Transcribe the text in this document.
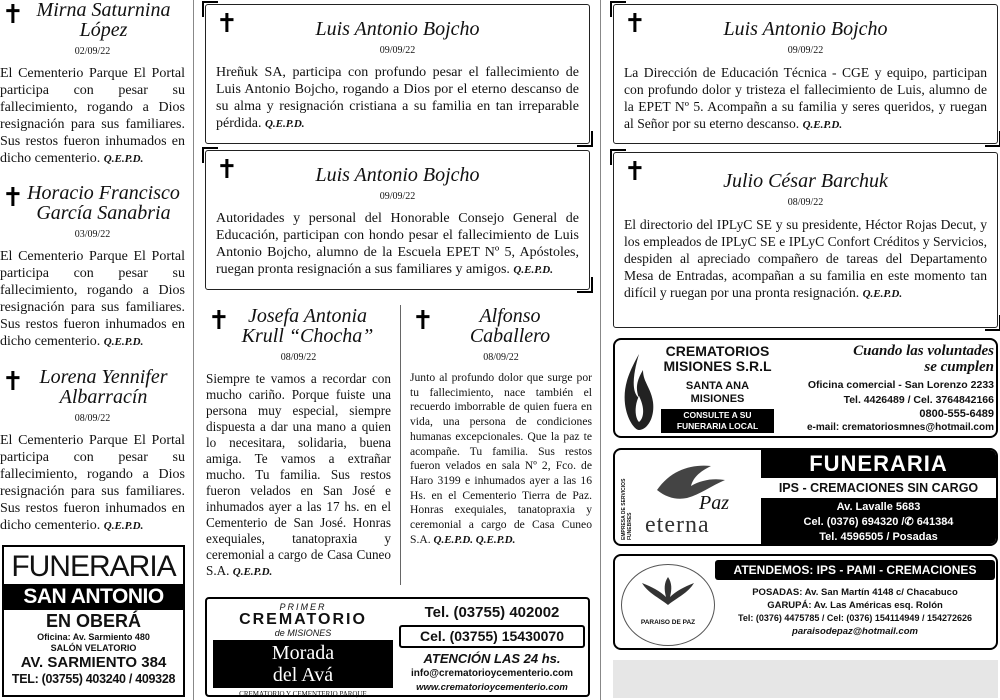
✝ Mirna Saturnina
López
02/09/22
El Cementerio Parque El Portal participa con pesar su fallecimiento, rogando a Dios resignación para sus familiares. Sus restos fueron inhumados en dicho cementerio. Q.E.P.D.
✝ Horacio Francisco
García Sanabria
03/09/22
El Cementerio Parque El Portal participa con pesar su fallecimiento, rogando a Dios resignación para sus familiares. Sus restos fueron inhumados en dicho cementerio. Q.E.P.D.
✝ Lorena Yennifer
Albarracín
08/09/22
El Cementerio Parque El Portal participa con pesar su fallecimiento, rogando a Dios resignación para sus familiares. Sus restos fueron inhumados en dicho cementerio. Q.E.P.D.
FUNERARIA
SAN ANTONIO
EN OBERÁ
Oficina: Av. Sarmiento 480
SALÓN VELATORIO
AV. SARMIENTO 384
TEL: (03755) 403240 / 409328
✝	Luis Antonio Bojcho
09/09/22
Hreñuk SA, participa con profundo pesar el fallecimiento de Luis Antonio Bojcho, rogando a Dios por el eterno descanso de su alma y resignación cristiana a su familia en tan irreparable pérdida. Q.E.P.D.
✝	Luis Antonio Bojcho
09/09/22
Autoridades y personal del Honorable Consejo General de Educación, participan con hondo pesar el fallecimiento de Luis Antonio Bojcho, alumno de la Escuela EPET Nº 5, Apóstoles, ruegan pronta resignación a sus familiares y amigos. Q.E.P.D.
✝ Josefa Antonia
Krull “Chocha”
08/09/22
Siempre te vamos a recordar con mucho cariño. Porque fuiste una persona muy especial, siempre dispuesta a dar una mano a quien lo necesitara, solidaria, buena amiga. Te vamos a extrañar mucho. Tu familia. Sus restos fueron velados en San José e inhumados ayer a las 17 hs. en el Cementerio de San José. Honras exequiales, tanatopraxia y ceremonial a cargo de Casa Cuneo S.A. Q.E.P.D.
✝	Alfonso
Caballero
08/09/22
Junto al profundo dolor que surge por tu fallecimiento, nace también el recuerdo imborrable de quien fuera en vida, una persona de condiciones humanas excepcionales. Que la paz te acompañe. Tu familia. Sus restos fueron velados en sala Nº 2, Fco. de Haro 3199 e inhumados ayer a las 16 Hs. en el Cementerio Tierra de Paz. Honras exequiales, tanatopraxia y ceremonial a cargo de Casa Cuneo S.A. Q.E.P.D. Q.E.P.D.
PRIMER
CREMATORIO
de MISIONES
Morada
del Avá
CREMATORIO Y CEMENTERIO PARQUE
Tel. (03755) 402002
Cel. (03755) 15430070
ATENCIÓN LAS 24 hs.
info@crematorioycementerio.com
www.crematorioycementerio.com
✝	Luis Antonio Bojcho
09/09/22
La Dirección de Educación Técnica - CGE y equipo, participan con profundo dolor y tristeza el fallecimiento de Luis, alumno de la EPET Nº 5. Acompañn a su familia y seres queridos, y ruegan al Señor por su eterno descanso. Q.E.P.D.
✝	Julio César Barchuk
08/09/22
El directorio del IPLyC SE y su presidente, Héctor Rojas Decut, y los empleados de IPLyC SE e IPLyC Confort Créditos y Servicios, despiden al apreciado compañero de tareas del Departamento Mesa de Entradas, acompañan a su familia en este momento tan difícil y ruegan por una pronta resignación. Q.E.P.D.
CREMATORIOS
MISIONES S.R.L
SANTA ANA
MISIONES
CONSULTE A SU
FUNERARIA LOCAL
Cuando las voluntades
se cumplen
Oficina comercial - San Lorenzo 2233
Tel. 4426489 / Cel. 3764842166
0800-555-6489
e-mail: crematoriosmnes@hotmail.com
EMPRESA DE SERVICIOS FUNEBRES
Paz
eterna
FUNERARIA
IPS - CREMACIONES SIN CARGO
Av. Lavalle 5683
Cel. (0376) 694320 /✆ 641384
Tel. 4596505 / Posadas
PARAISO DE PAZ
ATENDEMOS: IPS - PAMI - CREMACIONES
POSADAS: Av. San Martín 4148 c/ Chacabuco
GARUPÁ: Av. Las Américas esq. Rolón
Tel: (0376) 4475785 / Cel: (0376) 154114949 / 154272626
paraisodepaz@hotmail.com
